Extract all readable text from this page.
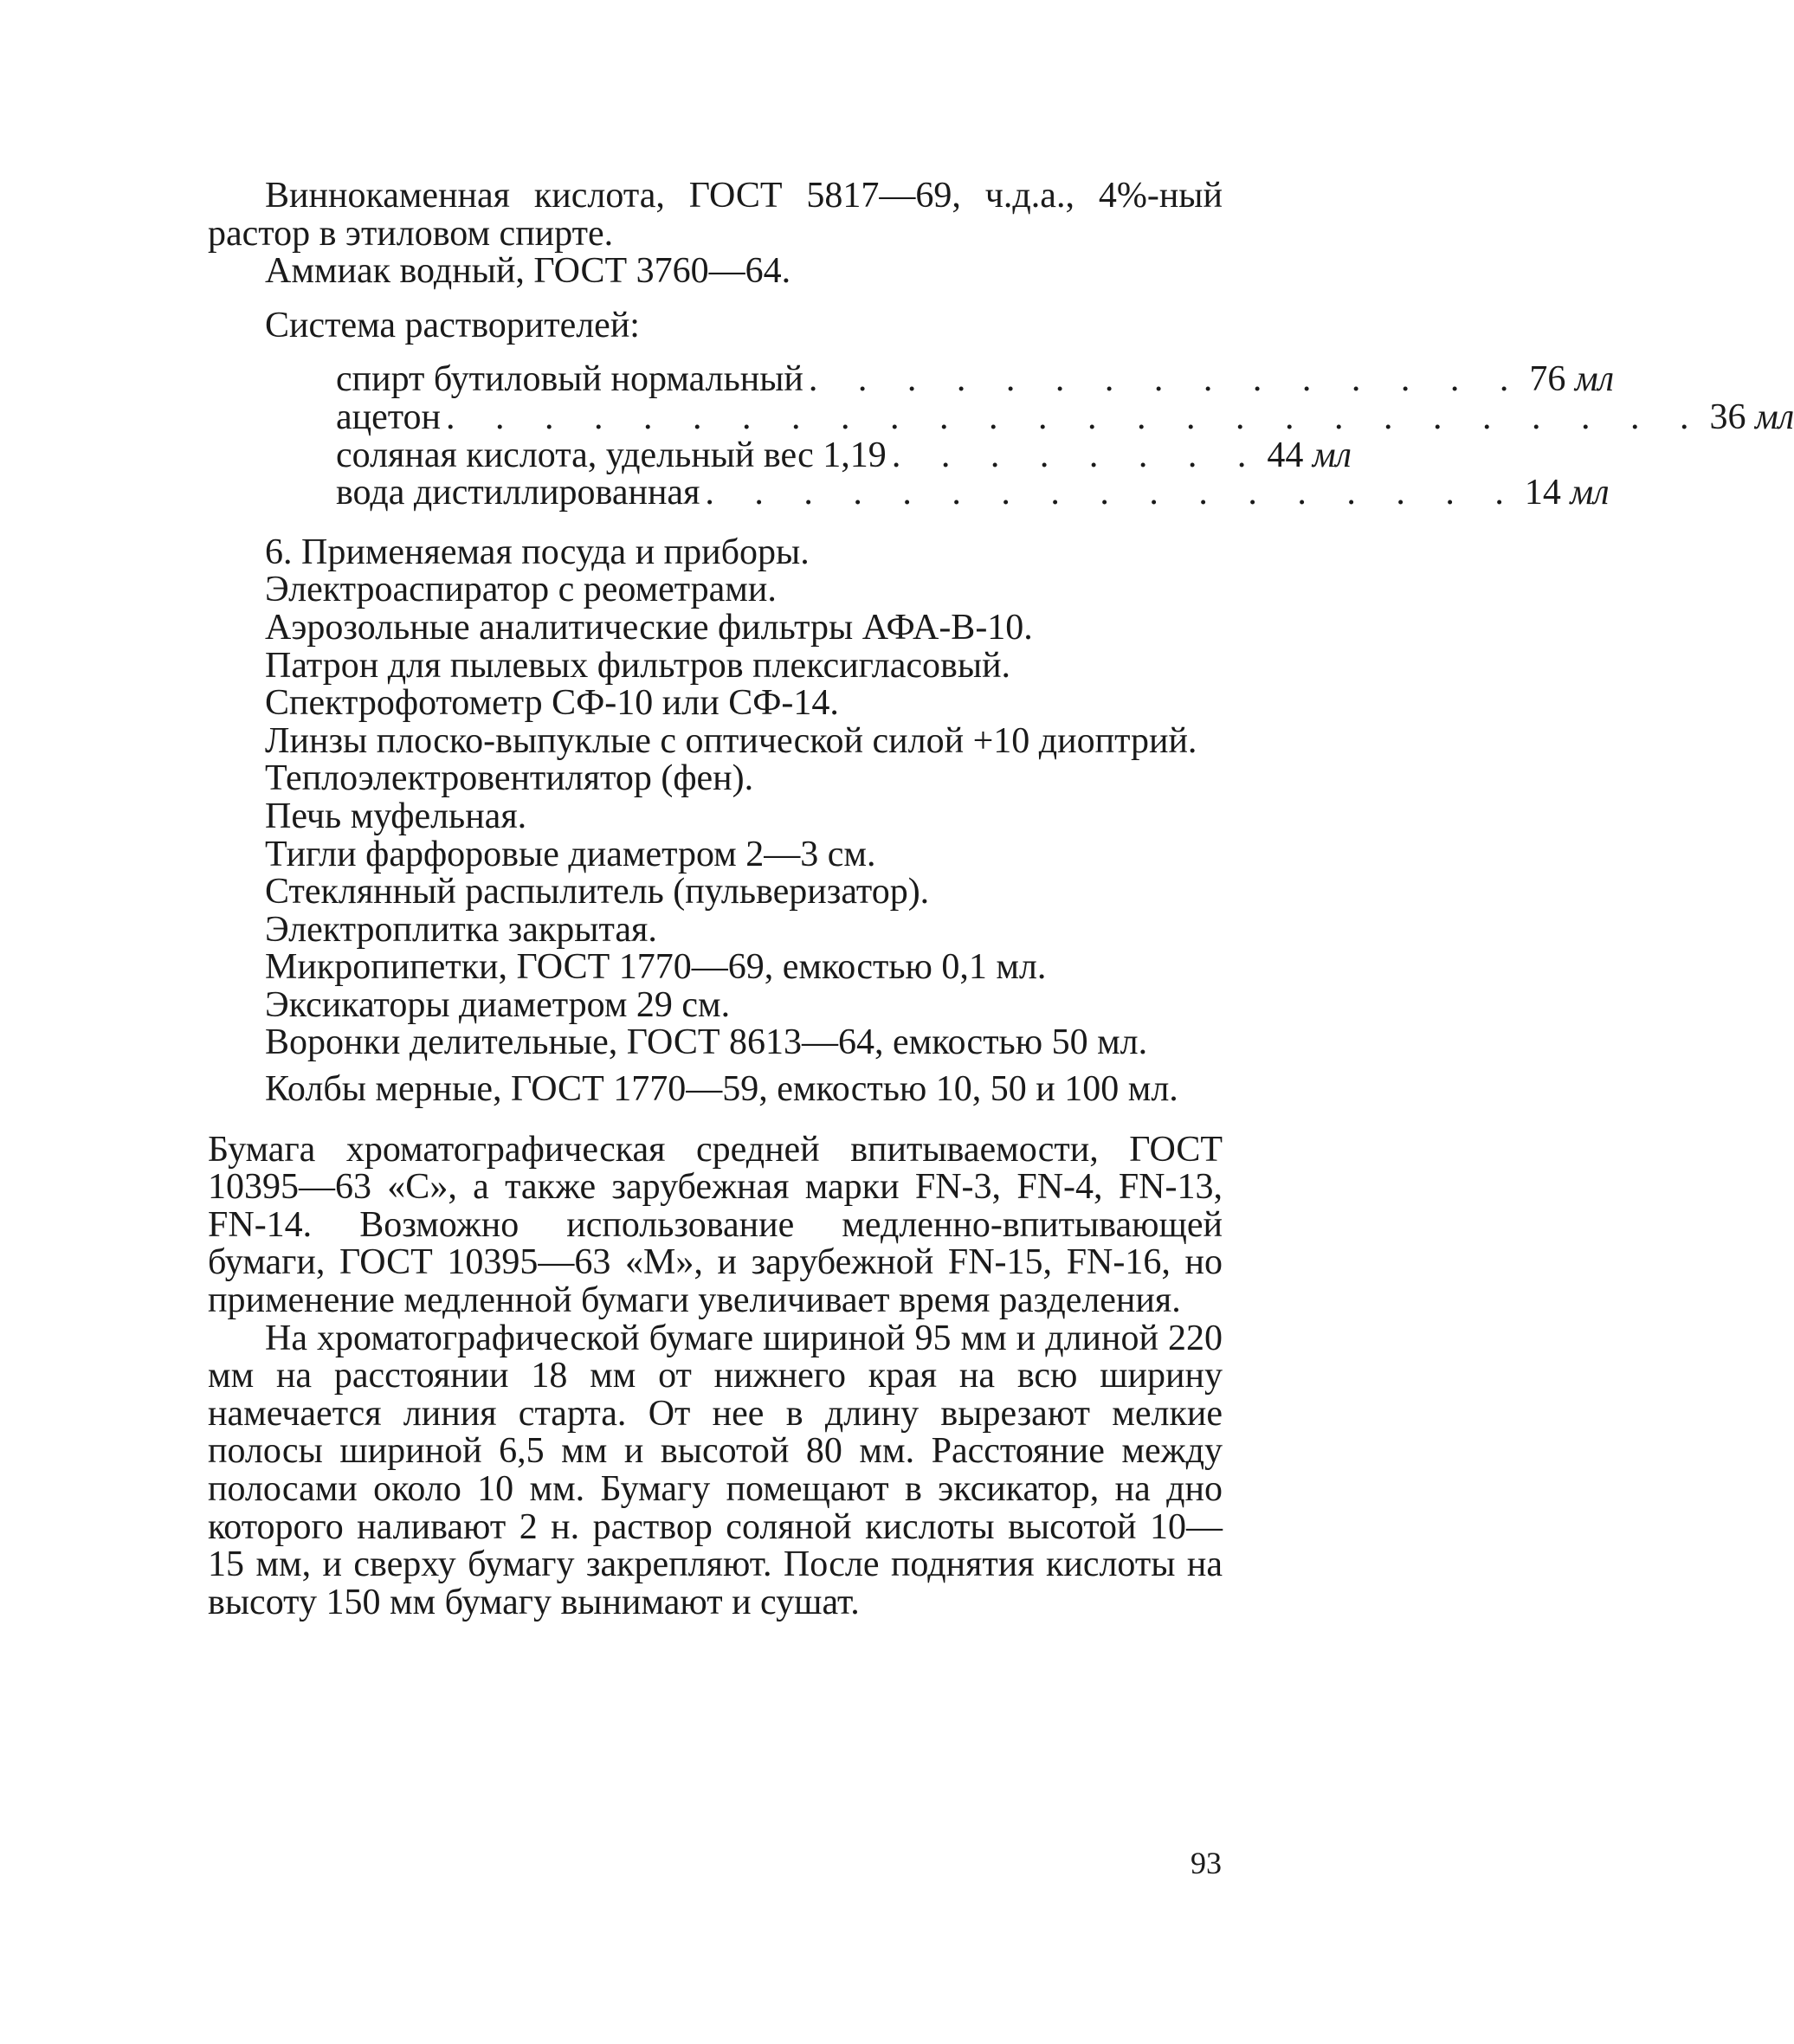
Виннокаменная кислота, ГОСТ 5817—69, ч.д.а., 4%-ный растор в этиловом спирте.

Аммиак водный, ГОСТ 3760—64.

Система растворителей:

спирт бутиловый нормальный . . . . . . . . . . . . . . . 76 мл
ацетон . . . . . . . . . . . . . . . . . . . . . . . . . . 36 мл
соляная кислота, удельный вес 1,19 . . . . . . . . 44 мл
вода дистиллированная . . . . . . . . . . . . . . . . . 14 мл

6. Применяемая посуда и приборы.

Электроаспиратор с реометрами.

Аэрозольные аналитические фильтры АФА-В-10.

Патрон для пылевых фильтров плексигласовый.

Спектрофотометр СФ-10 или СФ-14.

Линзы плоско-выпуклые с оптической силой +10 диоптрий.

Теплоэлектровентилятор (фен).

Печь муфельная.

Тигли фарфоровые диаметром 2—3 см.

Стеклянный распылитель (пульверизатор).

Электроплитка закрытая.

Микропипетки, ГОСТ 1770—69, емкостью 0,1 мл.

Эксикаторы диаметром 29 см.

Воронки делительные, ГОСТ 8613—64, емкостью 50 мл.

Колбы мерные, ГОСТ 1770—59, емкостью 10, 50 и 100 мл.

Бумага хроматографическая средней впитываемости, ГОСТ 10395—63 «С», а также зарубежная марки FN-3, FN-4, FN-13, FN-14. Возможно использование медленно-впитывающей бумаги, ГОСТ 10395—63 «М», и зарубежной FN-15, FN-16, но применение медленной бумаги увеличивает время разделения.

На хроматографической бумаге шириной 95 мм и длиной 220 мм на расстоянии 18 мм от нижнего края на всю ширину намечается линия старта. От нее в длину вырезают мелкие полосы шириной 6,5 мм и высотой 80 мм. Расстояние между полосами около 10 мм. Бумагу помещают в эксикатор, на дно которого наливают 2 н. раствор соляной кислоты высотой 10—15 мм, и сверху бумагу закрепляют. После поднятия кислоты на высоту 150 мм бумагу вынимают и сушат.

93
